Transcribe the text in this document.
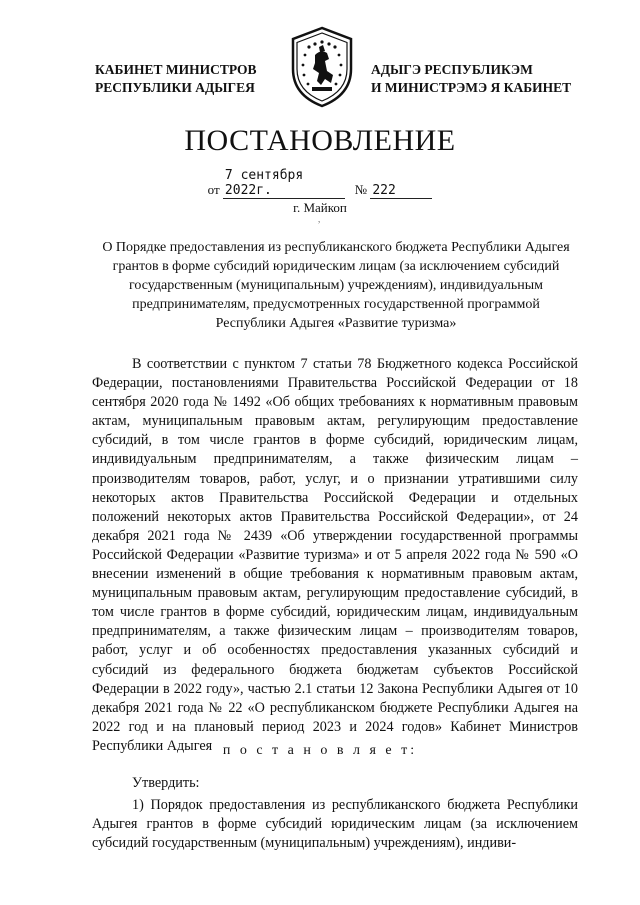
КАБИНЕТ МИНИСТРОВ
РЕСПУБЛИКИ АДЫГЕЯ
АДЫГЭ РЕСПУБЛИКЭМ
И МИНИСТРЭМЭ Я КАБИНЕТ
ПОСТАНОВЛЕНИЕ
от 7 сентября 2022г.	№ 222
г. Майкоп
,
О Порядке предоставления из республиканского бюджета Республики Адыгея грантов в форме субсидий юридическим лицам (за исключением субсидий государственным (муниципальным) учреждениям), индивидуальным предпринимателям, предусмотренных государственной программой Республики Адыгея «Развитие туризма»

В соответствии с пунктом 7 статьи 78 Бюджетного кодекса Российской Федерации, постановлениями Правительства Российской Федерации от 18 сентября 2020 года № 1492 «Об общих требованиях к нормативным правовым актам, муниципальным правовым актам, регулирующим предоставление субсидий, в том числе грантов в форме субсидий, юридическим лицам, индивидуальным предпринимателям, а также физическим лицам – производителям товаров, работ, услуг, и о признании утратившими силу некоторых актов Правительства Российской Федерации и отдельных положений некоторых актов Правительства Российской Федерации», от 24 декабря 2021 года № 2439 «Об утверждении государственной программы Российской Федерации «Развитие туризма» и от 5 апреля 2022 года № 590 «О внесении изменений в общие требования к нормативным правовым актам, муниципальным правовым актам, регулирующим предоставление субсидий, в том числе грантов в форме субсидий, юридическим лицам, индивидуальным предпринимателям, а также физическим лицам – производителям товаров, работ, услуг и об особенностях предоставления указанных субсидий и субсидий из федерального бюджета бюджетам субъектов Российской Федерации в 2022 году», частью 2.1 статьи 12 Закона Республики Адыгея от 10 декабря 2021 года № 22 «О республиканском бюджете Республики Адыгея на 2022 год и на плановый период 2023 и 2024 годов» Кабинет Министров Республики Адыгея п о с т а н о в л я е т:
Утвердить:

1) Порядок предоставления из республиканского бюджета Республики Адыгея грантов в форме субсидий юридическим лицам (за исключением субсидий государственным (муниципальным) учреждениям), индиви-
